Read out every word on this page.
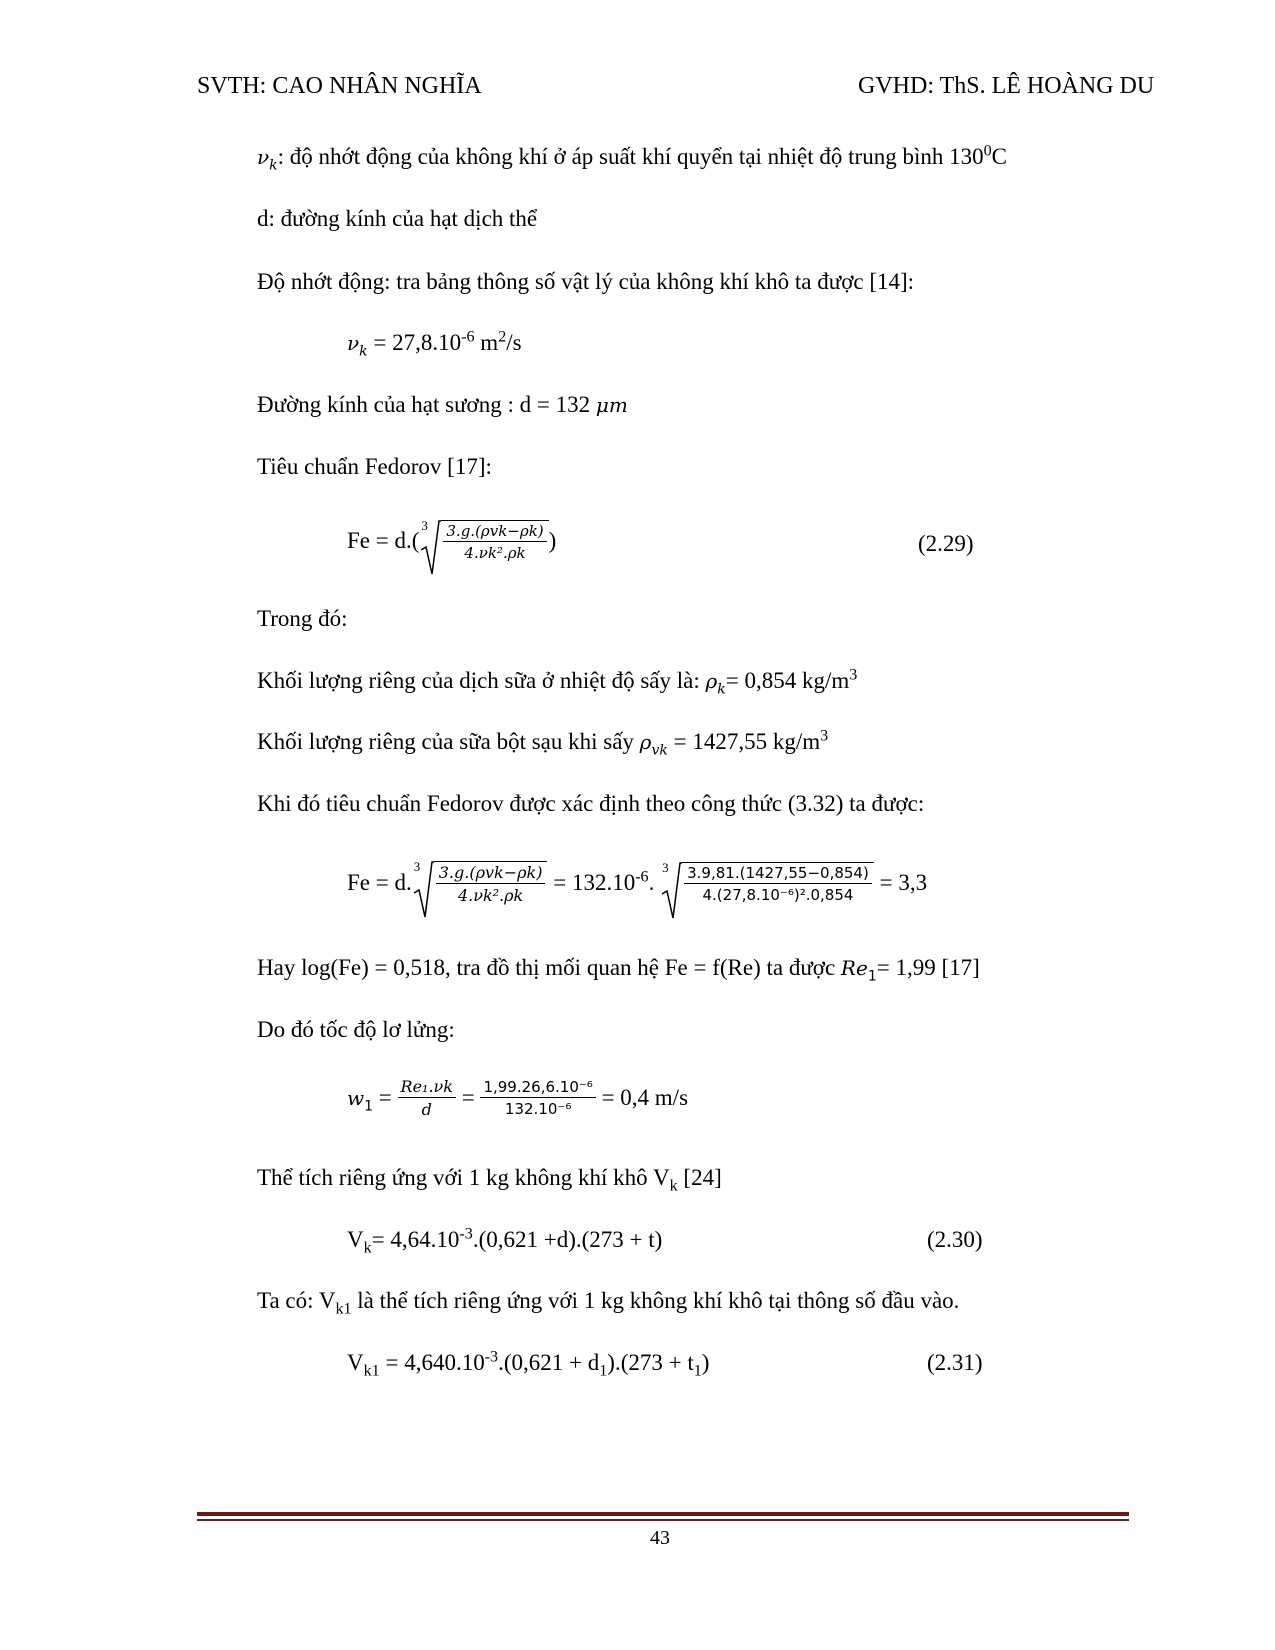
SVTH: CAO NHÂN NGHĨA	GVHD: ThS. LÊ HOÀNG DU
$\nu_k$: độ nhớt động của không khí ở áp suất khí quyển tại nhiệt độ trung bình $130^0C$
d: đường kính của hạt dịch thể
Độ nhớt động: tra bảng thông số vật lý của không khí khô ta được [14]:
$\nu_k = 27,8.10^{-6}$ $m^2/s$
Đường kính của hạt sương : d = 132 μm
Tiêu chuẩn Fedorov [17]:
Fe = d.(
$3 \frac{\text{3.g.(ρvk−ρk)}}{\text{4.νk².ρk}}$ )	(2.29)
Trong đó:
Khối lượng riêng của dịch sữa ở nhiệt độ sấy là: $\rho_k= 0,854$ $kg/m^3$
Khối lượng riêng của sữa bột sạu khi sấy $\rho_{vk} = 1427,55$ $kg/m^3$
Khi đó tiêu chuẩn Fedorov được xác định theo công thức (3.32) ta được:
Fe = d.
$3 \frac{\text{3.g.(ρvk−ρk)}}{\text{4.νk².ρk}} = 132.10^{-6}$.
$3 \frac{3.9,81.(1427,55-0,854)}{\text{4.(27,8.10⁻⁶)².0,854}} = 3,3$
Hay log(Fe) = 0,518, tra đồ thị mối quan hệ Fe = f(Re) ta được $Re_1= 1,99$ [17]
Do đó tốc độ lơ lửng:
$w_1 = \frac{\text{Re₁.νk}}{d} = \frac{\text{1,99.26,6.10⁻⁶}}{\text{132.10⁻⁶}} = 0,4$ m/s
Thể tích riêng ứng với 1 kg không khí khô $V_k$ [24]
$V_k= 4,64.10^{-3}.(0,621 +d).(273 + t)$	(2.30)
Ta có: $V_{k1}$ là thể tích riêng ứng với 1 kg không khí khô tại thông số đầu vào.
$V_{k1} = 4,640.10^{-3}.(0,621 + d_1).(273 + t_1)$	(2.31)
43
